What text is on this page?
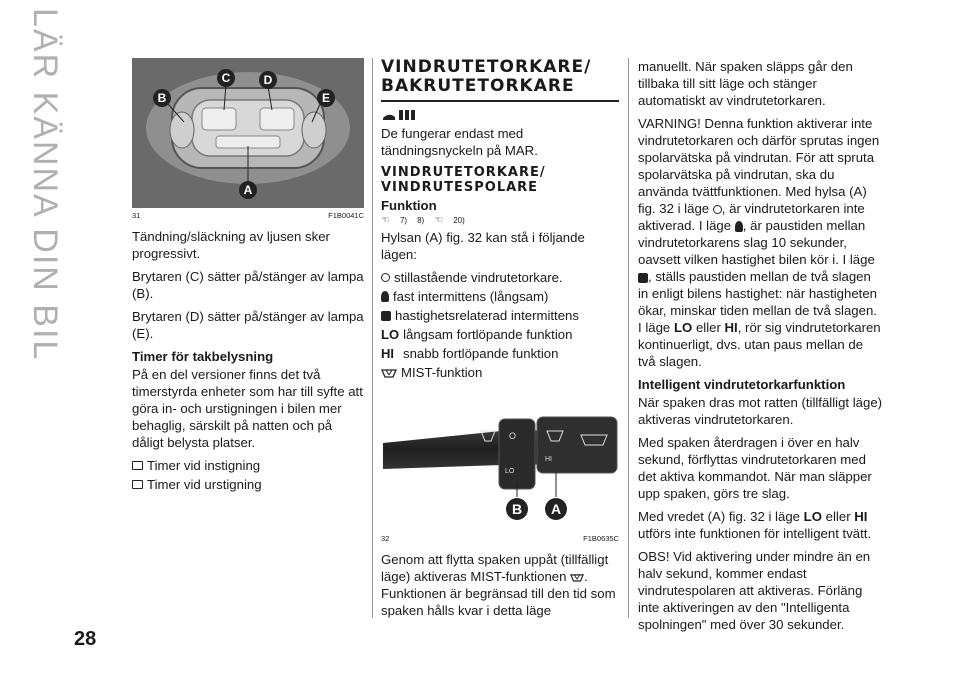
LÄR KÄNNA DIN BIL
28
B
C	D
E
A
31	F1B0041C

Tändning/släckning av ljusen sker progressivt.

Brytaren (C) sätter på/stänger av lampa (B).

Brytaren (D) sätter på/stänger av lampa (E).

Timer för takbelysning

På en del versioner finns det två timerstyrda enheter som har till syfte att göra in- och urstigningen i bilen mer behaglig, särskilt på natten och på dåligt belysta platser.

Timer vid instigning
Timer vid urstigning
VINDRUTETORKARE/
BAKRUTETORKARE

De fungerar endast med tändningsnyckeln på MAR.

VINDRUTETORKARE/
VINDRUTESPOLARE
Funktion
☜ 7) 8) ☜ 20)

Hylsan (A) fig. 32 kan stå i följande lägen:

stillastående vindrutetorkare.
fast intermittens (långsam)
hastighetsrelaterad intermittens
LO långsam fortlöpande funktion
HI snabb fortlöpande funktion
MIST-funktion
O
LO
HI
B A
32	F1B0635C

Genom att flytta spaken uppåt (tillfälligt läge) aktiveras MIST-funktionen . Funktionen är begränsad till den tid som spaken hålls kvar i detta läge

manuellt. När spaken släpps går den tillbaka till sitt läge och stänger automatiskt av vindrutetorkaren.

VARNING! Denna funktion aktiverar inte vindrutetorkaren och därför sprutas ingen spolarvätska på vindrutan. För att spruta spolarvätska på vindrutan, ska du använda tvättfunktionen. Med hylsa (A) fig. 32 i läge , är vindrutetorkaren inte aktiverad. I läge , är paustiden mellan vindrutetorkarens slag 10 sekunder, oavsett vilken hastighet bilen kör i. I läge , ställs paustiden mellan de två slagen in enligt bilens hastighet: när hastigheten ökar, minskar tiden mellan de två slagen. I läge LO eller HI, rör sig vindrutetorkaren kontinuerligt, dvs. utan paus mellan de två slagen.

Intelligent vindrutetorkarfunktion

När spaken dras mot ratten (tillfälligt läge) aktiveras vindrutetorkaren.

Med spaken återdragen i över en halv sekund, förflyttas vindrutetorkaren med det aktiva kommandot. När man släpper upp spaken, görs tre slag.

Med vredet (A) fig. 32 i läge LO eller HI utförs inte funktionen för intelligent tvätt.

OBS! Vid aktivering under mindre än en halv sekund, kommer endast vindrutespolaren att aktiveras. Förläng inte aktiveringen av den "Intelligenta spolningen" med över 30 sekunder.
